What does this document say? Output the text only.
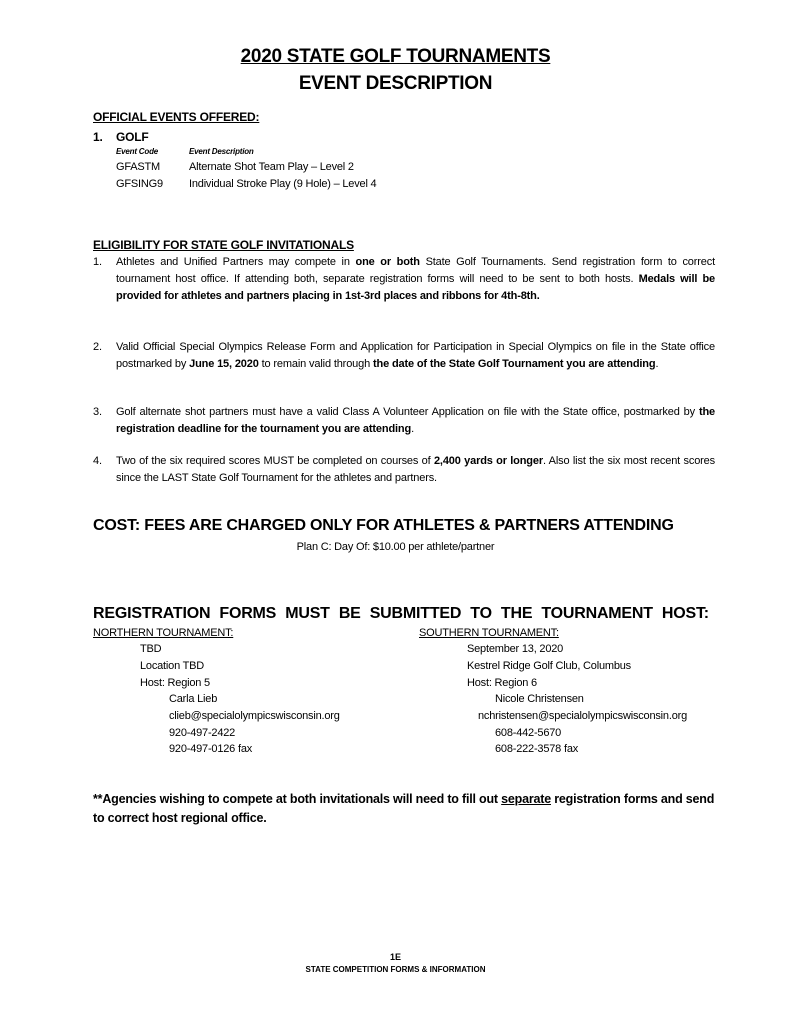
2020 STATE GOLF TOURNAMENTS
EVENT DESCRIPTION
OFFICIAL EVENTS OFFERED:
1. GOLF
Event Code	Event Description
GFASTM	Alternate Shot Team Play – Level 2
GFSING9 Individual Stroke Play (9 Hole) – Level 4
ELIGIBILITY FOR STATE GOLF INVITATIONALS
1. Athletes and Unified Partners may compete in one or both State Golf Tournaments. Send registration form to correct tournament host office. If attending both, separate registration forms will need to be sent to both hosts. Medals will be provided for athletes and partners placing in 1st-3rd places and ribbons for 4th-8th.
2. Valid Official Special Olympics Release Form and Application for Participation in Special Olympics on file in the State office postmarked by June 15, 2020 to remain valid through the date of the State Golf Tournament you are attending.
3. Golf alternate shot partners must have a valid Class A Volunteer Application on file with the State office, postmarked by the registration deadline for the tournament you are attending.
4. Two of the six required scores MUST be completed on courses of 2,400 yards or longer. Also list the six most recent scores since the LAST State Golf Tournament for the athletes and partners.
COST: FEES ARE CHARGED ONLY FOR ATHLETES & PARTNERS ATTENDING
Plan C: Day Of: $10.00 per athlete/partner
REGISTRATION FORMS MUST BE SUBMITTED TO THE TOURNAMENT HOST:
NORTHERN TOURNAMENT:
TBD
Location TBD
Host: Region 5
Carla Lieb
clieb@specialolympicswisconsin.org
920-497-2422
920-497-0126 fax
SOUTHERN TOURNAMENT:
September 13, 2020
Kestrel Ridge Golf Club, Columbus
Host: Region 6
Nicole Christensen
nchristensen@specialolympicswisconsin.org
608-442-5670
608-222-3578 fax
**Agencies wishing to compete at both invitationals will need to fill out separate registration forms and send to correct host regional office.
1E
STATE COMPETITION FORMS & INFORMATION
